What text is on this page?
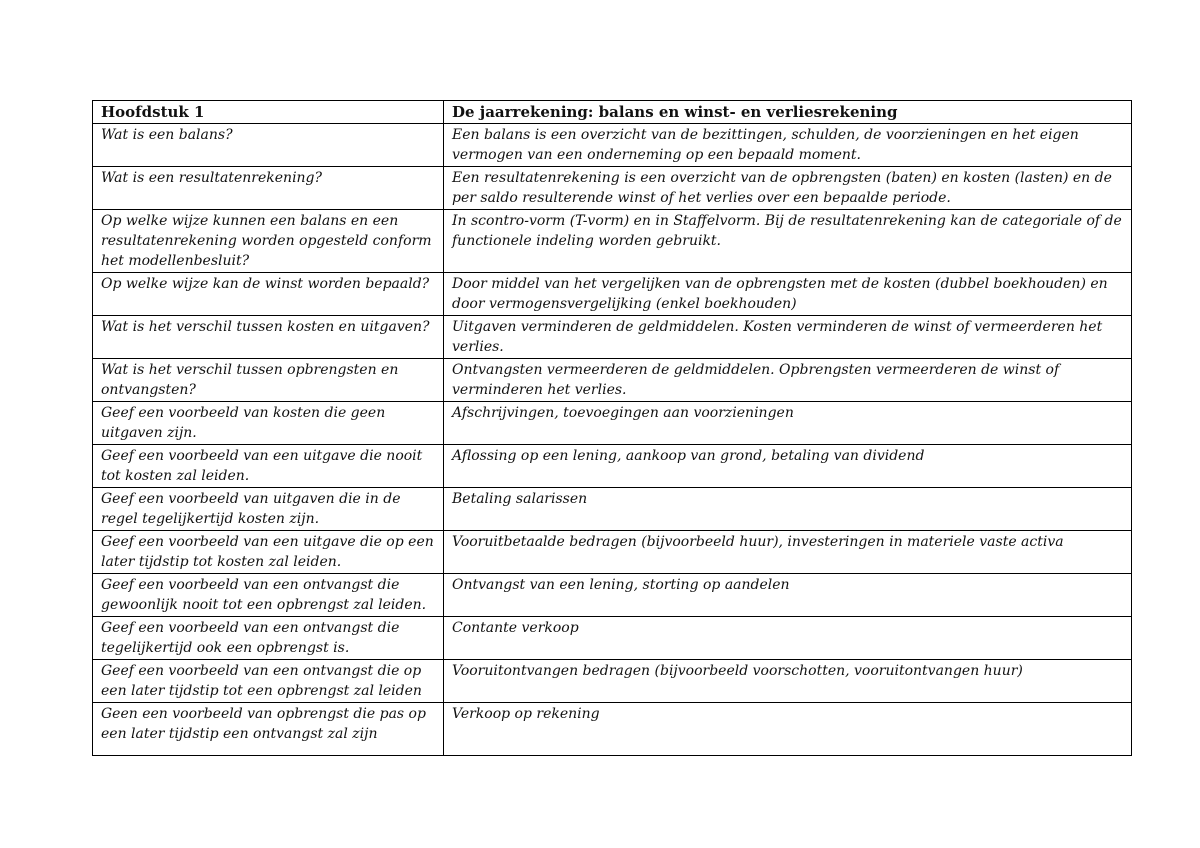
Hoofdstuk 1	De jaarrekening: balans en winst- en verliesrekening
Wat is een balans?	Een balans is een overzicht van de bezittingen, schulden, de voorzieningen en het eigen vermogen van een onderneming op een bepaald moment.
Wat is een resultatenrekening?	Een resultatenrekening is een overzicht van de opbrengsten (baten) en kosten (lasten) en de per saldo resulterende winst of het verlies over een bepaalde periode.
Op welke wijze kunnen een balans en een resultatenrekening worden opgesteld conform het modellenbesluit?	In scontro-vorm (T-vorm) en in Staffelvorm. Bij de resultatenrekening kan de categoriale of de functionele indeling worden gebruikt.
Op welke wijze kan de winst worden bepaald?	Door middel van het vergelijken van de opbrengsten met de kosten (dubbel boekhouden) en door vermogensvergelijking (enkel boekhouden)
Wat is het verschil tussen kosten en uitgaven?	Uitgaven verminderen de geldmiddelen. Kosten verminderen de winst of vermeerderen het verlies.
Wat is het verschil tussen opbrengsten en ontvangsten?	Ontvangsten vermeerderen de geldmiddelen. Opbrengsten vermeerderen de winst of verminderen het verlies.
Geef een voorbeeld van kosten die geen uitgaven zijn.	Afschrijvingen, toevoegingen aan voorzieningen
Geef een voorbeeld van een uitgave die nooit tot kosten zal leiden.	Aflossing op een lening, aankoop van grond, betaling van dividend
Geef een voorbeeld van uitgaven die in de regel tegelijkertijd kosten zijn.	Betaling salarissen
Geef een voorbeeld van een uitgave die op een later tijdstip tot kosten zal leiden.	Vooruitbetaalde bedragen (bijvoorbeeld huur), investeringen in materiele vaste activa
Geef een voorbeeld van een ontvangst die gewoonlijk nooit tot een opbrengst zal leiden.	Ontvangst van een lening, storting op aandelen
Geef een voorbeeld van een ontvangst die tegelijkertijd ook een opbrengst is.	Contante verkoop
Geef een voorbeeld van een ontvangst die op een later tijdstip tot een opbrengst zal leiden	Vooruitontvangen bedragen (bijvoorbeeld voorschotten, vooruitontvangen huur)
Geen een voorbeeld van opbrengst die pas op een later tijdstip een ontvangst zal zijn	Verkoop op rekening
